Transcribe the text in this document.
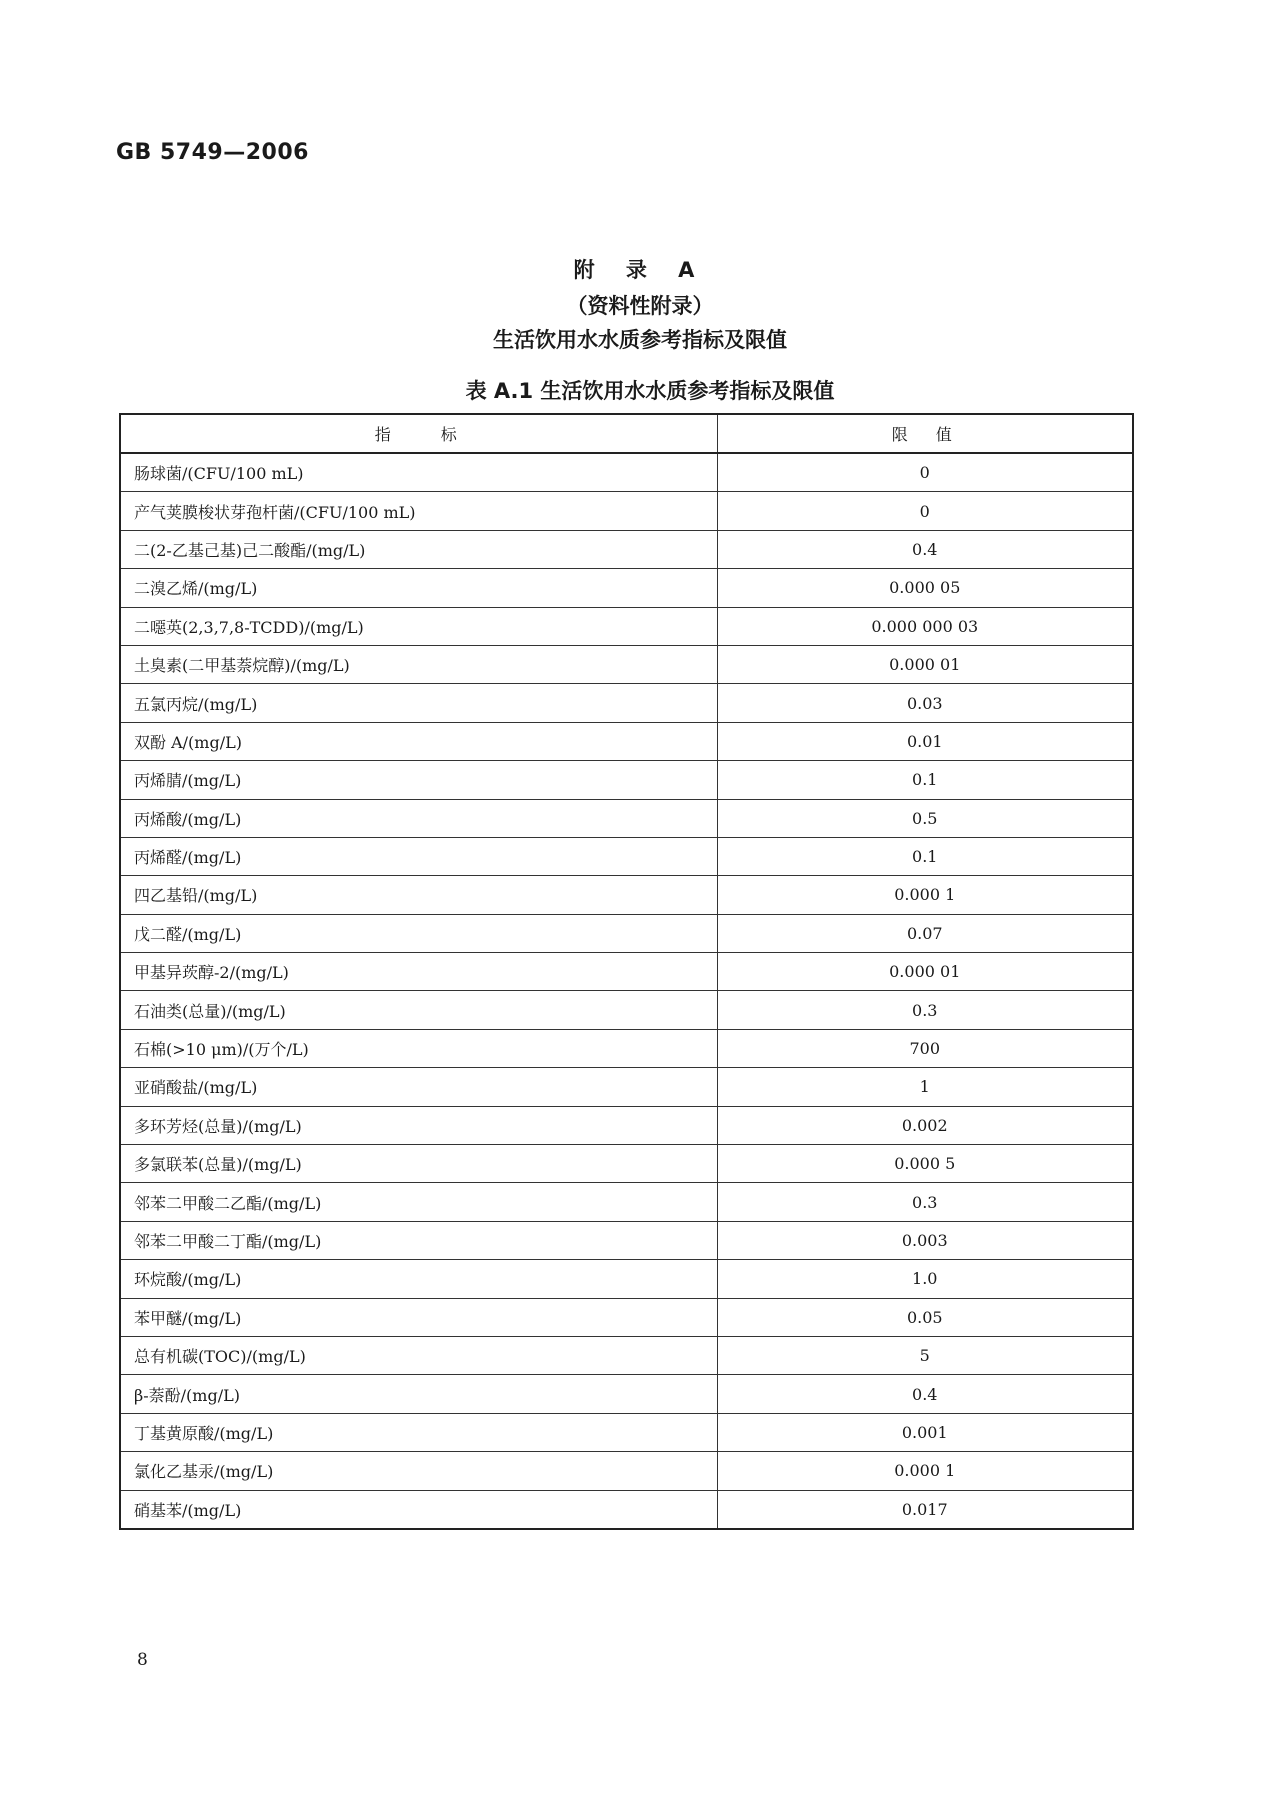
GB 5749—2006
附 录 A
（资料性附录）
生活饮用水水质参考指标及限值
表 A.1 生活饮用水水质参考指标及限值
指　　标	限　值
肠球菌/(CFU/100 mL)	0
产气荚膜梭状芽孢杆菌/(CFU/100 mL)	0
二(2-乙基己基)己二酸酯/(mg/L)	0.4
二溴乙烯/(mg/L)	0.000 05
二噁英(2,3,7,8-TCDD)/(mg/L)	0.000 000 03
土臭素(二甲基萘烷醇)/(mg/L)	0.000 01
五氯丙烷/(mg/L)	0.03
双酚 A/(mg/L)	0.01
丙烯腈/(mg/L)	0.1
丙烯酸/(mg/L)	0.5
丙烯醛/(mg/L)	0.1
四乙基铅/(mg/L)	0.000 1
戊二醛/(mg/L)	0.07
甲基异莰醇-2/(mg/L)	0.000 01
石油类(总量)/(mg/L)	0.3
石棉(>10 μm)/(万个/L)	700
亚硝酸盐/(mg/L)	1
多环芳烃(总量)/(mg/L)	0.002
多氯联苯(总量)/(mg/L)	0.000 5
邻苯二甲酸二乙酯/(mg/L)	0.3
邻苯二甲酸二丁酯/(mg/L)	0.003
环烷酸/(mg/L)	1.0
苯甲醚/(mg/L)	0.05
总有机碳(TOC)/(mg/L)	5
β-萘酚/(mg/L)	0.4
丁基黄原酸/(mg/L)	0.001
氯化乙基汞/(mg/L)	0.000 1
硝基苯/(mg/L)	0.017
8
